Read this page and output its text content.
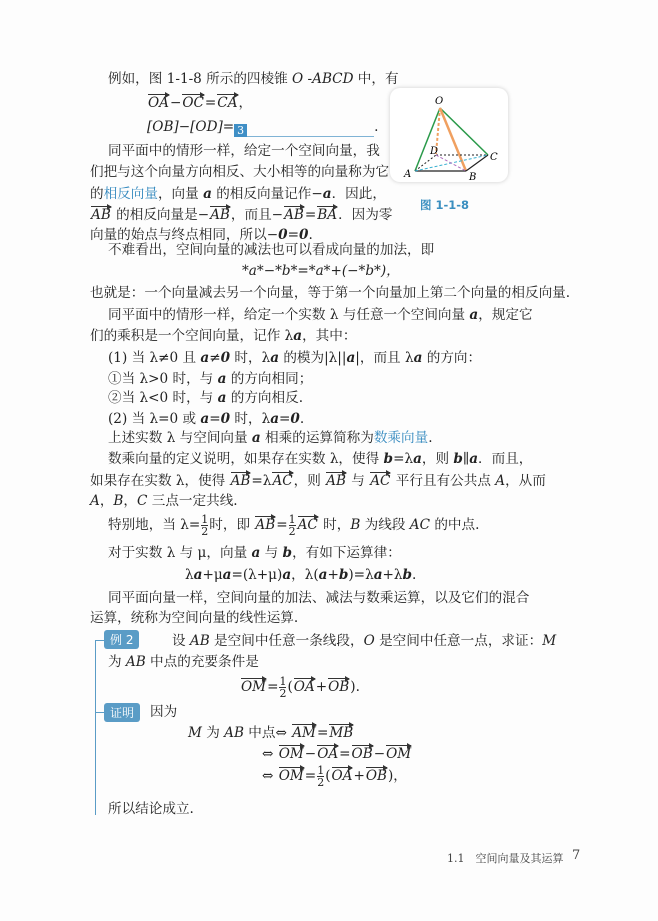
O
D
C
A	B
图 1-1-8
例如，图 1-1-8 所示的四棱锥 O -ABCD 中，有
OA−OC=CA，
[OB]−[OD]= 3	.
同平面中的情形一样，给定一个空间向量，我
们把与这个向量方向相反、大小相等的向量称为它
的相反向量，向量 a 的相反向量记作−a．因此，
AB 的相反向量是−AB，而且−AB=BA．因为零
向量的始点与终点相同，所以−0=0.
不难看出，空间向量的减法也可以看成向量的加法，即
*a*−*b*=*a*+(−*b*)，
也就是：一个向量减去另一个向量，等于第一个向量加上第二个向量的相反向量.
同平面中的情形一样，给定一个实数 λ 与任意一个空间向量 a，规定它
们的乘积是一个空间向量，记作 λa，其中：
(1) 当 λ≠0 且 a≠0 时，λa 的模为|λ||a|，而且 λa 的方向：
①当 λ>0 时，与 a 的方向相同；
②当 λ<0 时，与 a 的方向相反.
(2) 当 λ=0 或 a=0 时，λa=0.
上述实数 λ 与空间向量 a 相乘的运算简称为数乘向量.
数乘向量的定义说明，如果存在实数 λ，使得 b=λa，则 b∥a．而且，
如果存在实数 λ，使得 AB=λAC，则 AB 与 AC 平行且有公共点 A，从而
A，B，C 三点一定共线.
特别地，当 $\lambda= \frac{1}{2}$ 时，即 $AB= \frac{1}{2}$ AC 时，B 为线段 AC 的中点.
对于实数 λ 与 μ，向量 a 与 b，有如下运算律：
λa+μa=(λ+μ)a，λ(a+b)=λa+λb.
同平面向量一样，空间向量的加法、减法与数乘运算，以及它们的混合
运算，统称为空间向量的线性运算.
设 AB 是空间中任意一条线段，O 是空间中任意一点，求证：M
为 AB 中点的充要条件是
$OM= \frac{1}{2} (OA+OB)$.
因为
M 为 AB 中点⇔ AM=MB
⇔ OM−OA=OB−OM
⇔ $OM= \frac{1}{2} (OA+OB)$，
所以结论成立.
例 2
证明
1.1　空间向量及其运算 7
